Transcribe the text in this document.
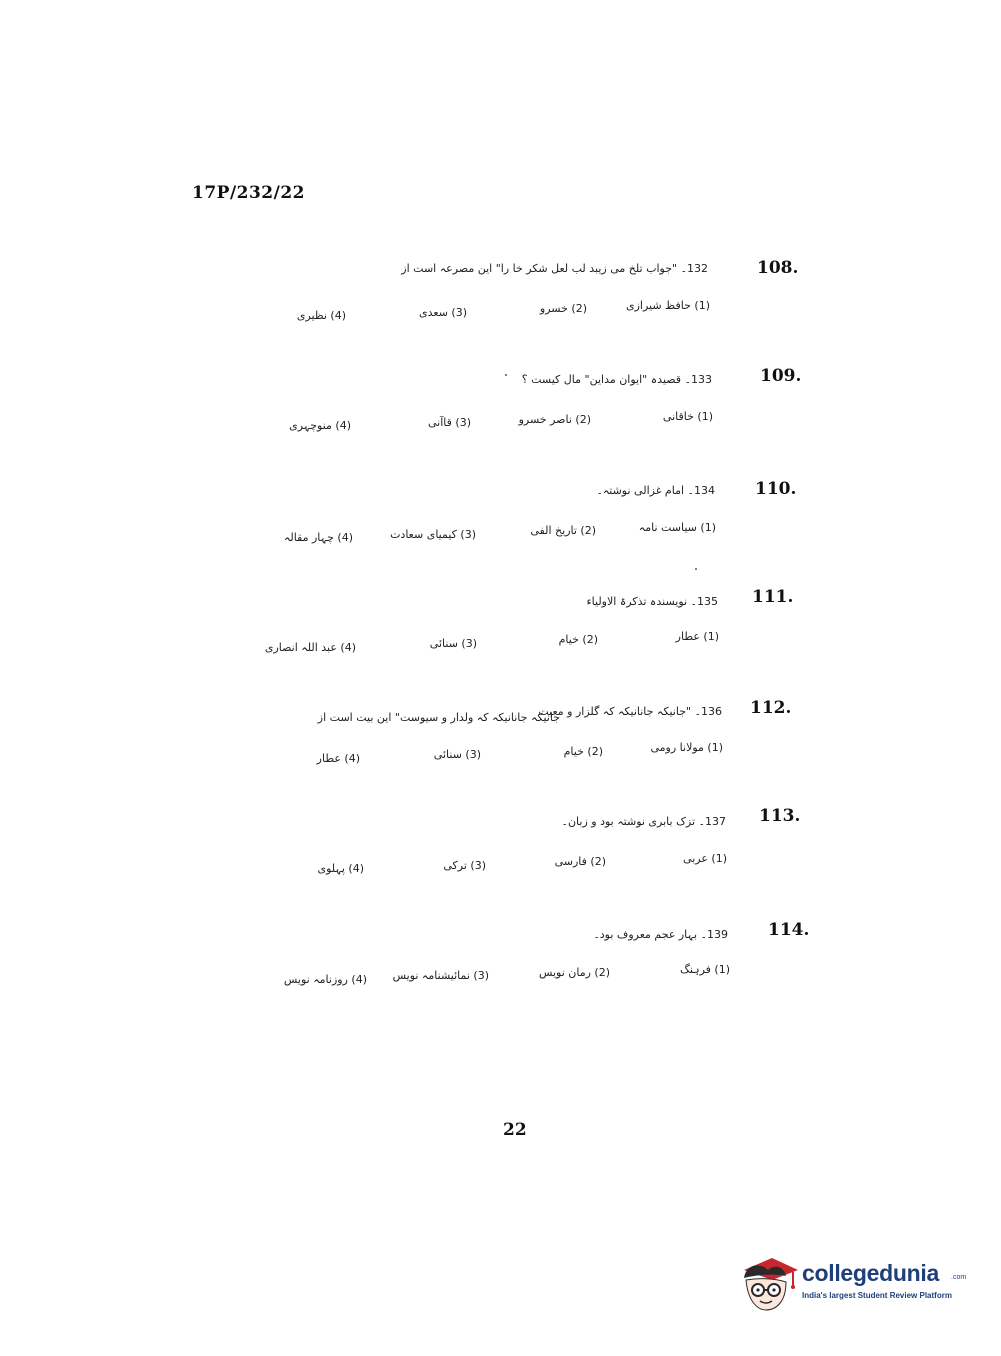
17P/232/22
108.
132۔ "جواب تلخ می زیبد لب لعل شکر خا را" این مصرعہ است از
(1) حافظ شیرازی
(2) خسرو
(3) سعدی
(4) نظیری
109.
133۔ قصیدہ "ایوان مداین" مال کیست ؟
(1) خاقانی
(2) ناصر خسرو
(3) قاآنی
(4) منوچہری
110.
134۔ امام غزالی نوشتہ۔
(1) سیاست نامہ
(2) تاریخ الفی
(3) کیمیای سعادت
(4) چہار مقالہ
111.
135۔ نویسندہ تذکرۃ الاولیاء
(1) عطار
(2) خیام
(3) سنائی
(4) عبد اللہ انصاری
112.
136۔ "جانیکہ جانانیکہ کہ گلزار و معیت
جانیکہ جانانیکہ کہ ولدار و سیوست" این بیت است از
(1) مولانا رومی
(2) خیام
(3) سنائی
(4) عطار
113.
137۔ تزک بابری نوشتہ بود و زبان۔
(1) عربی
(2) فارسی
(3) ترکی
(4) پہلوی
114.
139۔ بہار عجم معروف بود۔
(1) فرہنگ
(2) رمان نویس
(3) نمائیشنامہ نویس
(4) روزنامہ نویس
22
collegedunia .com
India's largest Student Review Platform
